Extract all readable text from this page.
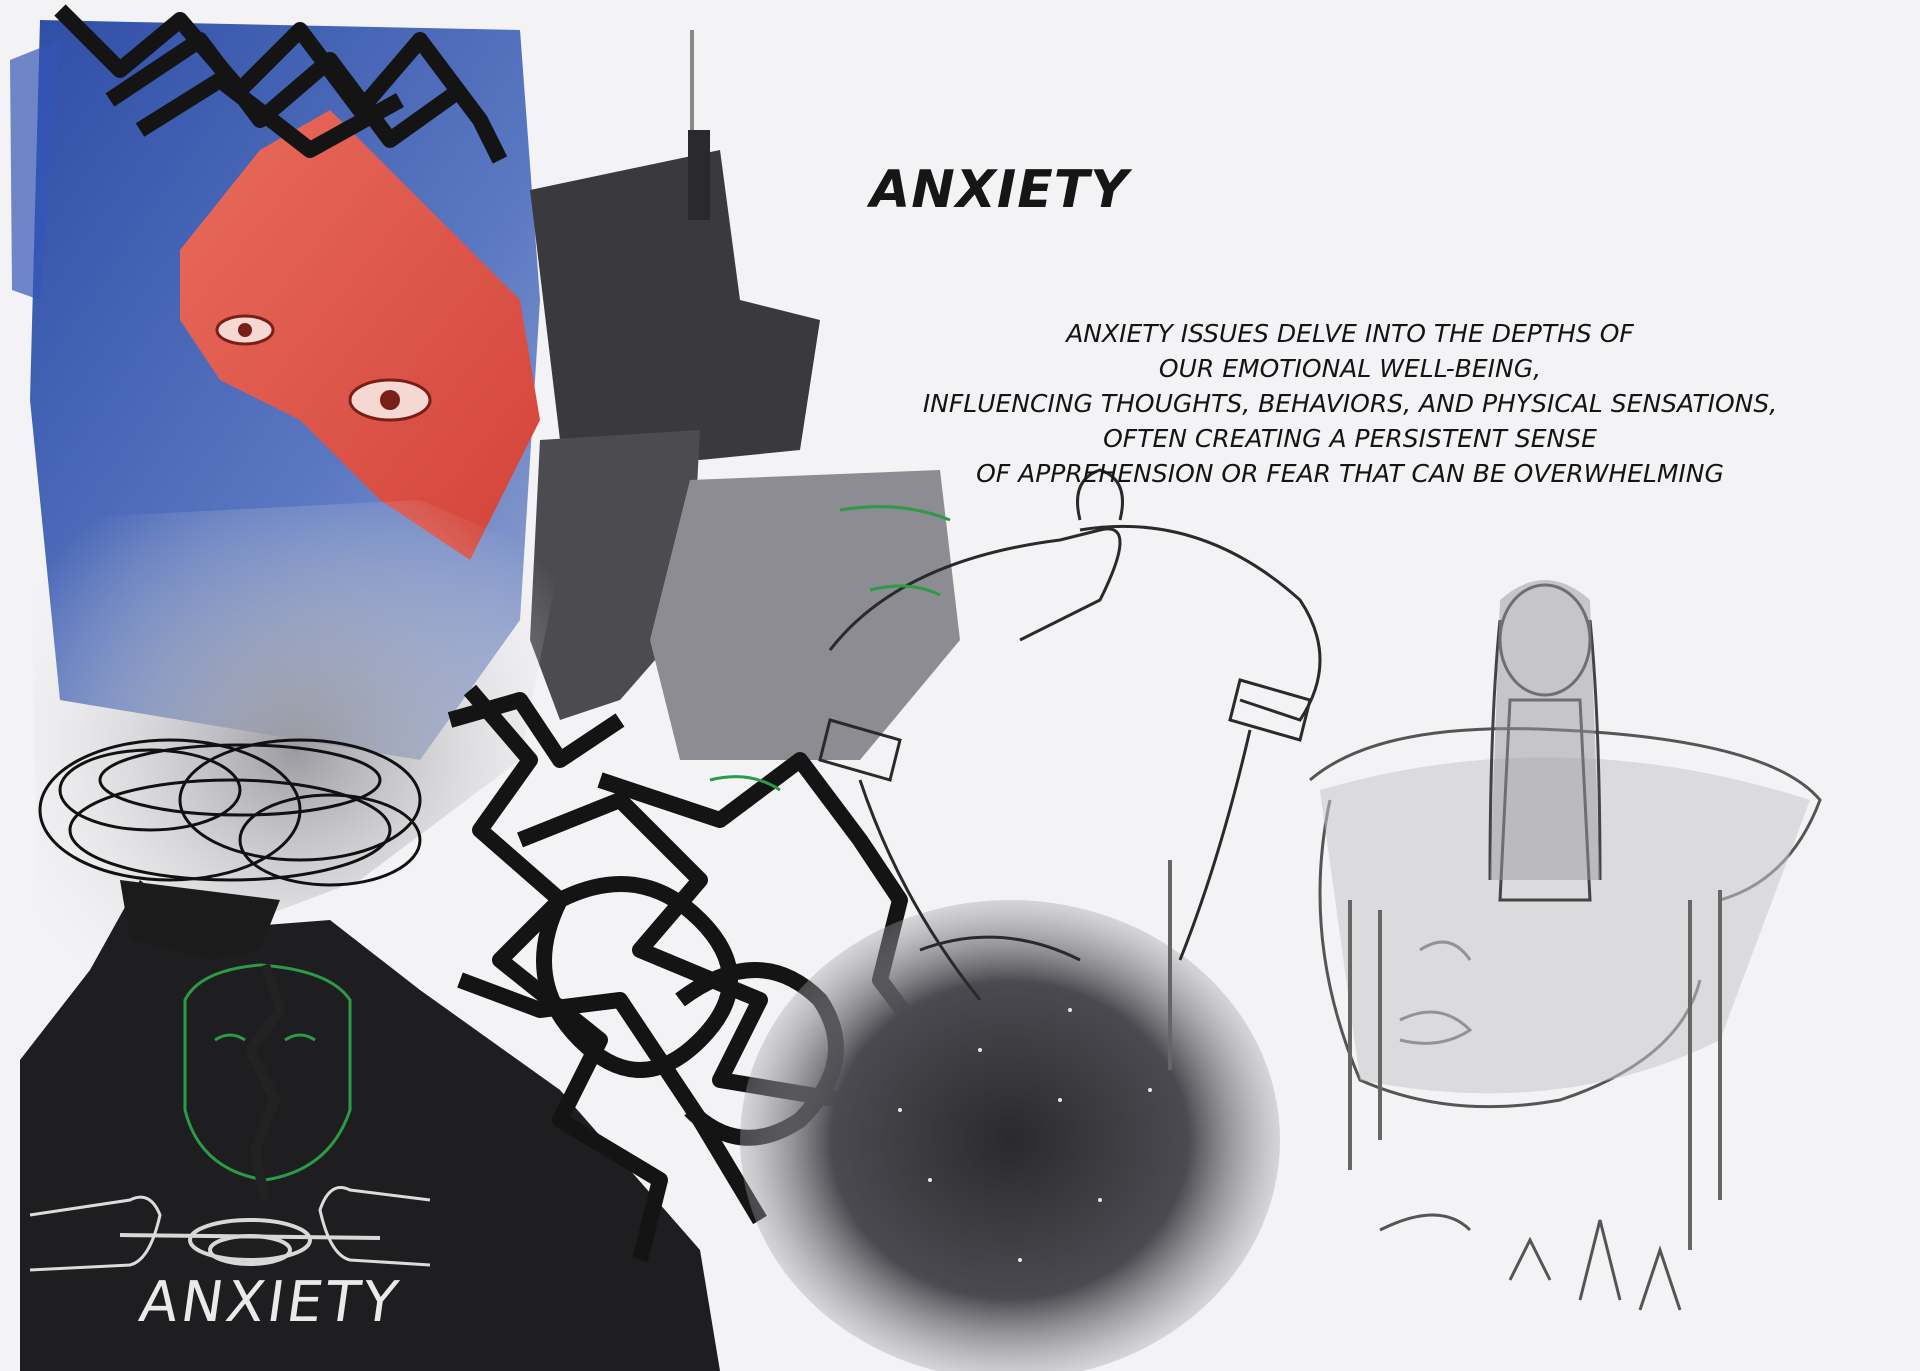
ANXIETY
ANXIETY ISSUES DELVE INTO THE DEPTHS OF
OUR EMOTIONAL WELL-BEING,
INFLUENCING THOUGHTS, BEHAVIORS, AND PHYSICAL SENSATIONS,
OFTEN CREATING A PERSISTENT SENSE
OF APPREHENSION OR FEAR THAT CAN BE OVERWHELMING
ANXIETY
